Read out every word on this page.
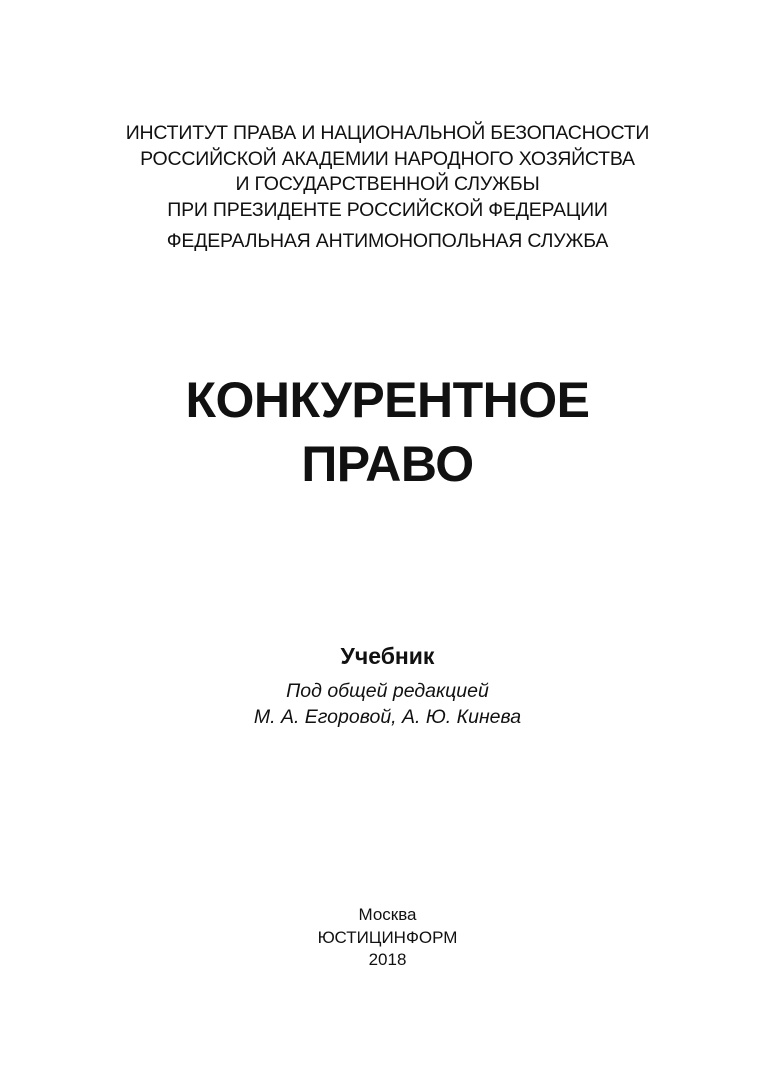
ИНСТИТУТ ПРАВА И НАЦИОНАЛЬНОЙ БЕЗОПАСНОСТИ
РОССИЙСКОЙ АКАДЕМИИ НАРОДНОГО ХОЗЯЙСТВА
И ГОСУДАРСТВЕННОЙ СЛУЖБЫ
ПРИ ПРЕЗИДЕНТЕ РОССИЙСКОЙ ФЕДЕРАЦИИ
ФЕДЕРАЛЬНАЯ АНТИМОНОПОЛЬНАЯ СЛУЖБА
КОНКУРЕНТНОЕ
ПРАВО
Учебник
Под общей редакцией
М. А. Егоровой, А. Ю. Кинева
Москва
ЮСТИЦИНФОРМ
2018
